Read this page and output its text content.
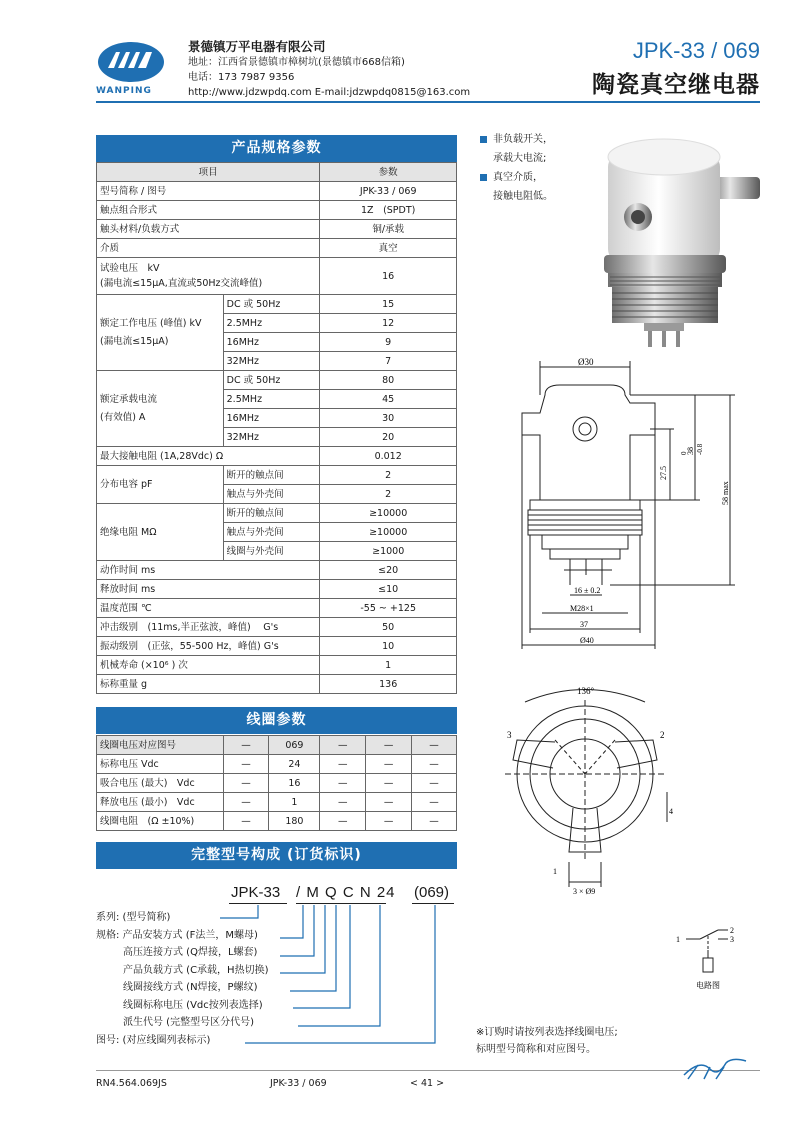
WANPING
景德镇万平电器有限公司
地址：江西省景德镇市樟树坑(景德镇市668信箱)
电话：173 7987 9356
http://www.jdzwpdq.com E-mail:jdzwpdq0815@163.com
JPK-33 / 069
陶瓷真空继电器
产品规格参数
项目		参数
型号简称 / 图号		JPK-33 / 069
触点组合形式		1Z　(SPDT)
触头材料/负载方式		铜/承载
介质		真空

试验电压　kV
(漏电流≤15μA,直流或50Hz交流峰值)		16

额定工作电压 (峰值) kV
(漏电流≤15μA)	DC 或 50Hz	15
	2.5MHz	12
	16MHz	9
	32MHz	7

额定承载电流
(有效值) A	DC 或 50Hz	80
	2.5MHz	45
	16MHz	30
	32MHz	20
最大接触电阻 (1A,28Vdc) Ω		0.012
分布电容 pF	断开的触点间	2
	触点与外壳间	2
绝缘电阻 MΩ	断开的触点间	≥10000
	触点与外壳间	≥10000
	线圈与外壳间	≥1000
动作时间 ms		≤20
释放时间 ms		≤10
温度范围 ℃		-55 ~ +125
冲击级别　(11ms,半正弦波，峰值)　 G's		50
振动级别　(正弦，55-500 Hz，峰值) G's		10
机械寿命 (×10⁶ ) 次		1
标称重量 g		136
线圈参数
线圈电压对应图号	—	069	—	—	—
标称电压 Vdc	—	24	—	—	—
吸合电压 (最大)　Vdc	—	16	—	—	—
释放电压 (最小)　Vdc	—	1	—	—	—
线圈电阻　(Ω ±10%)	—	180	—	—	—
完整型号构成 (订货标识)
JPK-33 / M Q C N 24 (069)
系列: (型号简称)
规格: 产品安装方式 (F法兰，M螺母)
高压连接方式 (Q焊接，L螺套)
产品负载方式 (C承载，H热切换)
线圈接线方式 (N焊接，P螺纹)
线圈标称电压 (Vdc按列表选择)
派生代号 (完整型号区分代号)
图号: (对应线圈列表标示)
非负载开关，
承载大电流;
真空介质，
接触电阻低。
Ø30
16 ± 0.2
M28×1
37
Ø40
27.5
38
0 -0.8
58 max
136°
3	2
4
1
3 × Ø9
1
2
3
电路图
※订购时请按列表选择线圈电压;
标明型号简称和对应图号。
RN4.564.069JS	JPK-33 / 069	< 41 >
